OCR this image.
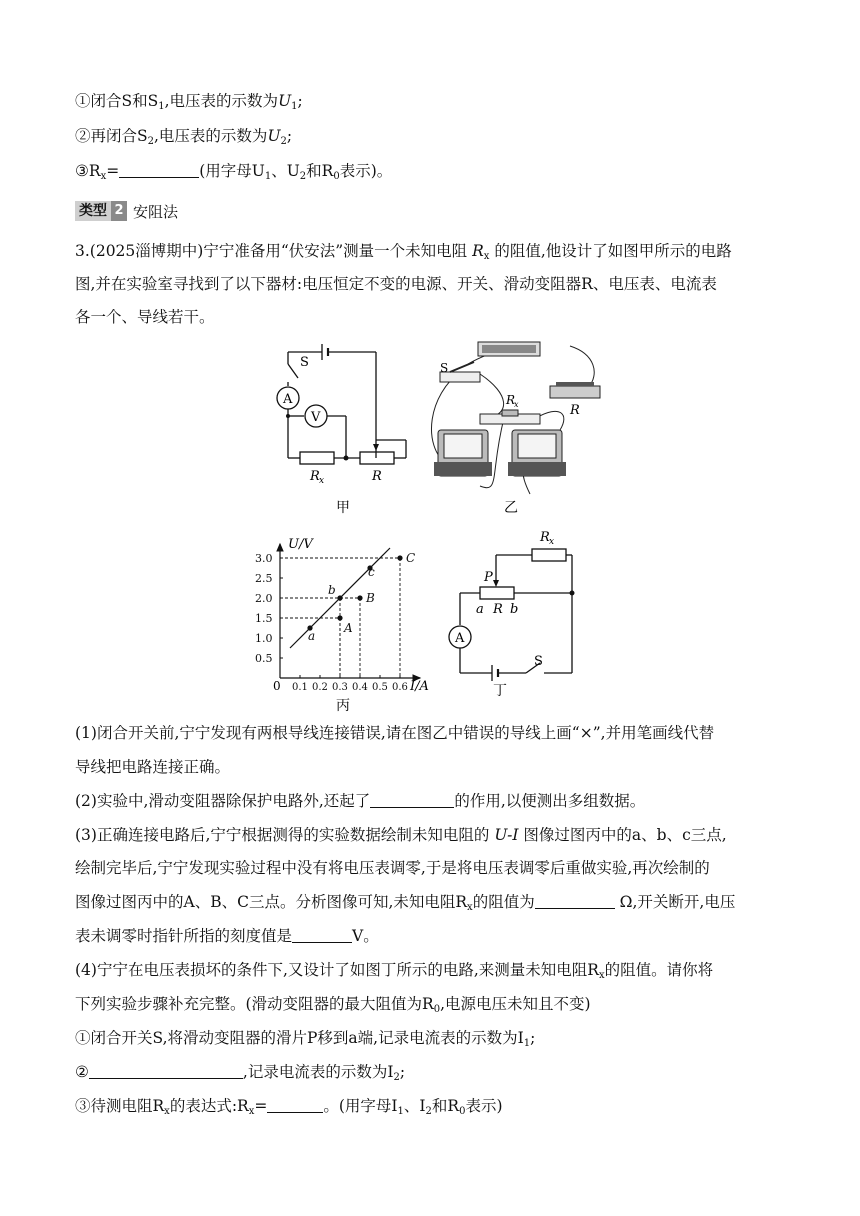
①闭合S和$S_1$,电压表的示数为$U_1$;
②再闭合$S_2$,电压表的示数为$U_2$;
$③R_x=$	(用字母$U_1$、$U_2$和$R_0$表示)。
类型 2 安阻法
3.(2025淄博期中)宁宁准备用“伏安法”测量一个未知电阻 $R_x$ 的阻值,他设计了如图甲所示的电路
图,并在实验室寻找到了以下器材:电压恒定不变的电源、开关、滑动变阻器R、电压表、电流表
各一个、导线若干。
S
A
V
R x	R
甲
S
R
x	R
乙
0.1 0.2 0.3 0.4 0.5 0.6
0.5
1.0
1.5
2.0
2.5
3.0
a
b
c
A
B
C
U/V
I/A
0
丙
R x
P
a R b
A
S
丁
(1)闭合开关前,宁宁发现有两根导线连接错误,请在图乙中错误的导线上画“×”,并用笔画线代替
导线把电路连接正确。
(2)实验中,滑动变阻器除保护电路外,还起了	的作用,以便测出多组数据。
(3)正确连接电路后,宁宁根据测得的实验数据绘制未知电阻的 U-I 图像过图丙中的a、b、c三点,
绘制完毕后,宁宁发现实验过程中没有将电压表调零,于是将电压表调零后重做实验,再次绘制的
图像过图丙中的A、B、C三点。分析图像可知,未知电阻$R_x$的阻值为	Ω,开关断开,电压
表未调零时指针所指的刻度值是	V。
(4)宁宁在电压表损坏的条件下,又设计了如图丁所示的电路,来测量未知电阻$R_x$的阻值。请你将
下列实验步骤补充完整。(滑动变阻器的最大阻值为$R_0$,电源电压未知且不变)
①闭合开关S,将滑动变阻器的滑片P移到a端,记录电流表的示数为$I_1$;
②	,记录电流表的示数为$I_2$;
③待测电阻$R_x$的表达式$:R_x=$	。(用字母$I_1$、$I_2$和$R_0$表示)
